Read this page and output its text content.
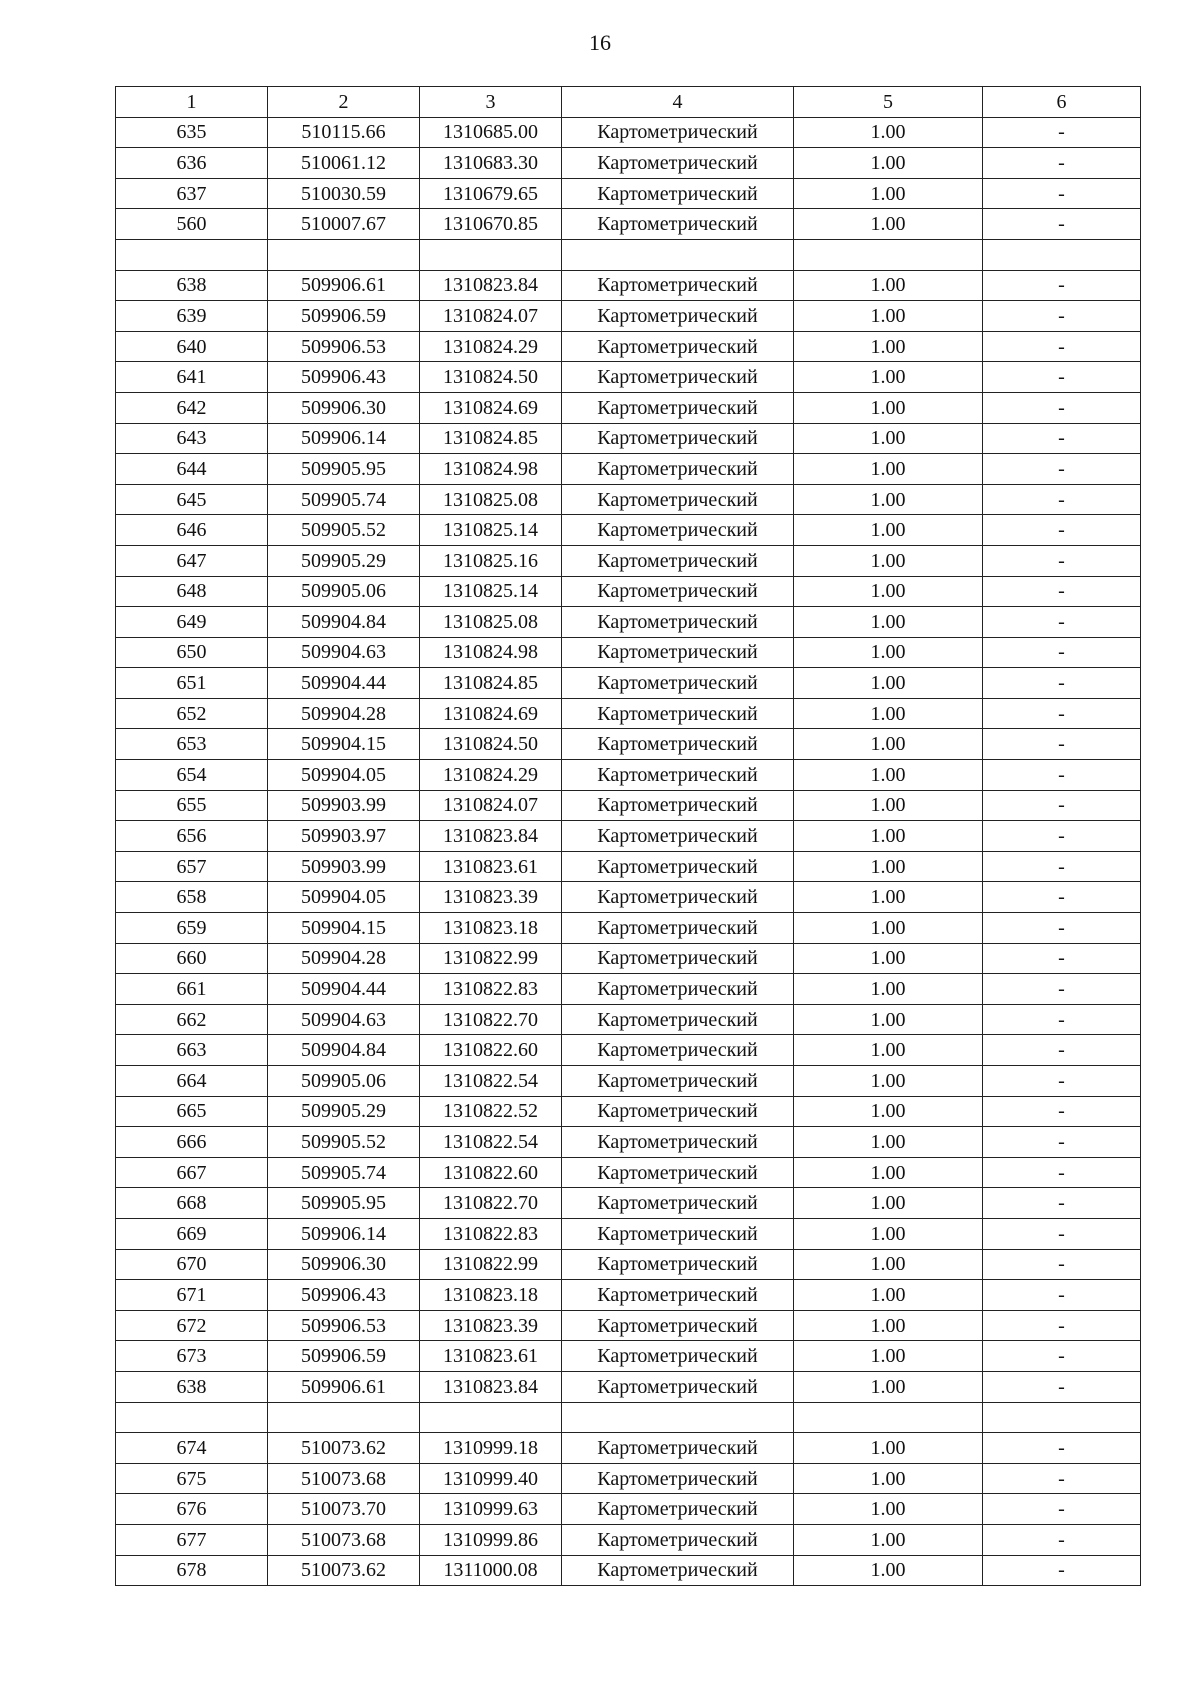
16
1	2	3	4	5	6
635	510115.66	1310685.00	Картометрический	1.00	-
636	510061.12	1310683.30	Картометрический	1.00	-
637	510030.59	1310679.65	Картометрический	1.00	-
560	510007.67	1310670.85	Картометрический	1.00	-

638	509906.61	1310823.84	Картометрический	1.00	-
639	509906.59	1310824.07	Картометрический	1.00	-
640	509906.53	1310824.29	Картометрический	1.00	-
641	509906.43	1310824.50	Картометрический	1.00	-
642	509906.30	1310824.69	Картометрический	1.00	-
643	509906.14	1310824.85	Картометрический	1.00	-
644	509905.95	1310824.98	Картометрический	1.00	-
645	509905.74	1310825.08	Картометрический	1.00	-
646	509905.52	1310825.14	Картометрический	1.00	-
647	509905.29	1310825.16	Картометрический	1.00	-
648	509905.06	1310825.14	Картометрический	1.00	-
649	509904.84	1310825.08	Картометрический	1.00	-
650	509904.63	1310824.98	Картометрический	1.00	-
651	509904.44	1310824.85	Картометрический	1.00	-
652	509904.28	1310824.69	Картометрический	1.00	-
653	509904.15	1310824.50	Картометрический	1.00	-
654	509904.05	1310824.29	Картометрический	1.00	-
655	509903.99	1310824.07	Картометрический	1.00	-
656	509903.97	1310823.84	Картометрический	1.00	-
657	509903.99	1310823.61	Картометрический	1.00	-
658	509904.05	1310823.39	Картометрический	1.00	-
659	509904.15	1310823.18	Картометрический	1.00	-
660	509904.28	1310822.99	Картометрический	1.00	-
661	509904.44	1310822.83	Картометрический	1.00	-
662	509904.63	1310822.70	Картометрический	1.00	-
663	509904.84	1310822.60	Картометрический	1.00	-
664	509905.06	1310822.54	Картометрический	1.00	-
665	509905.29	1310822.52	Картометрический	1.00	-
666	509905.52	1310822.54	Картометрический	1.00	-
667	509905.74	1310822.60	Картометрический	1.00	-
668	509905.95	1310822.70	Картометрический	1.00	-
669	509906.14	1310822.83	Картометрический	1.00	-
670	509906.30	1310822.99	Картометрический	1.00	-
671	509906.43	1310823.18	Картометрический	1.00	-
672	509906.53	1310823.39	Картометрический	1.00	-
673	509906.59	1310823.61	Картометрический	1.00	-
638	509906.61	1310823.84	Картометрический	1.00	-

674	510073.62	1310999.18	Картометрический	1.00	-
675	510073.68	1310999.40	Картометрический	1.00	-
676	510073.70	1310999.63	Картометрический	1.00	-
677	510073.68	1310999.86	Картометрический	1.00	-
678	510073.62	1311000.08	Картометрический	1.00	-
